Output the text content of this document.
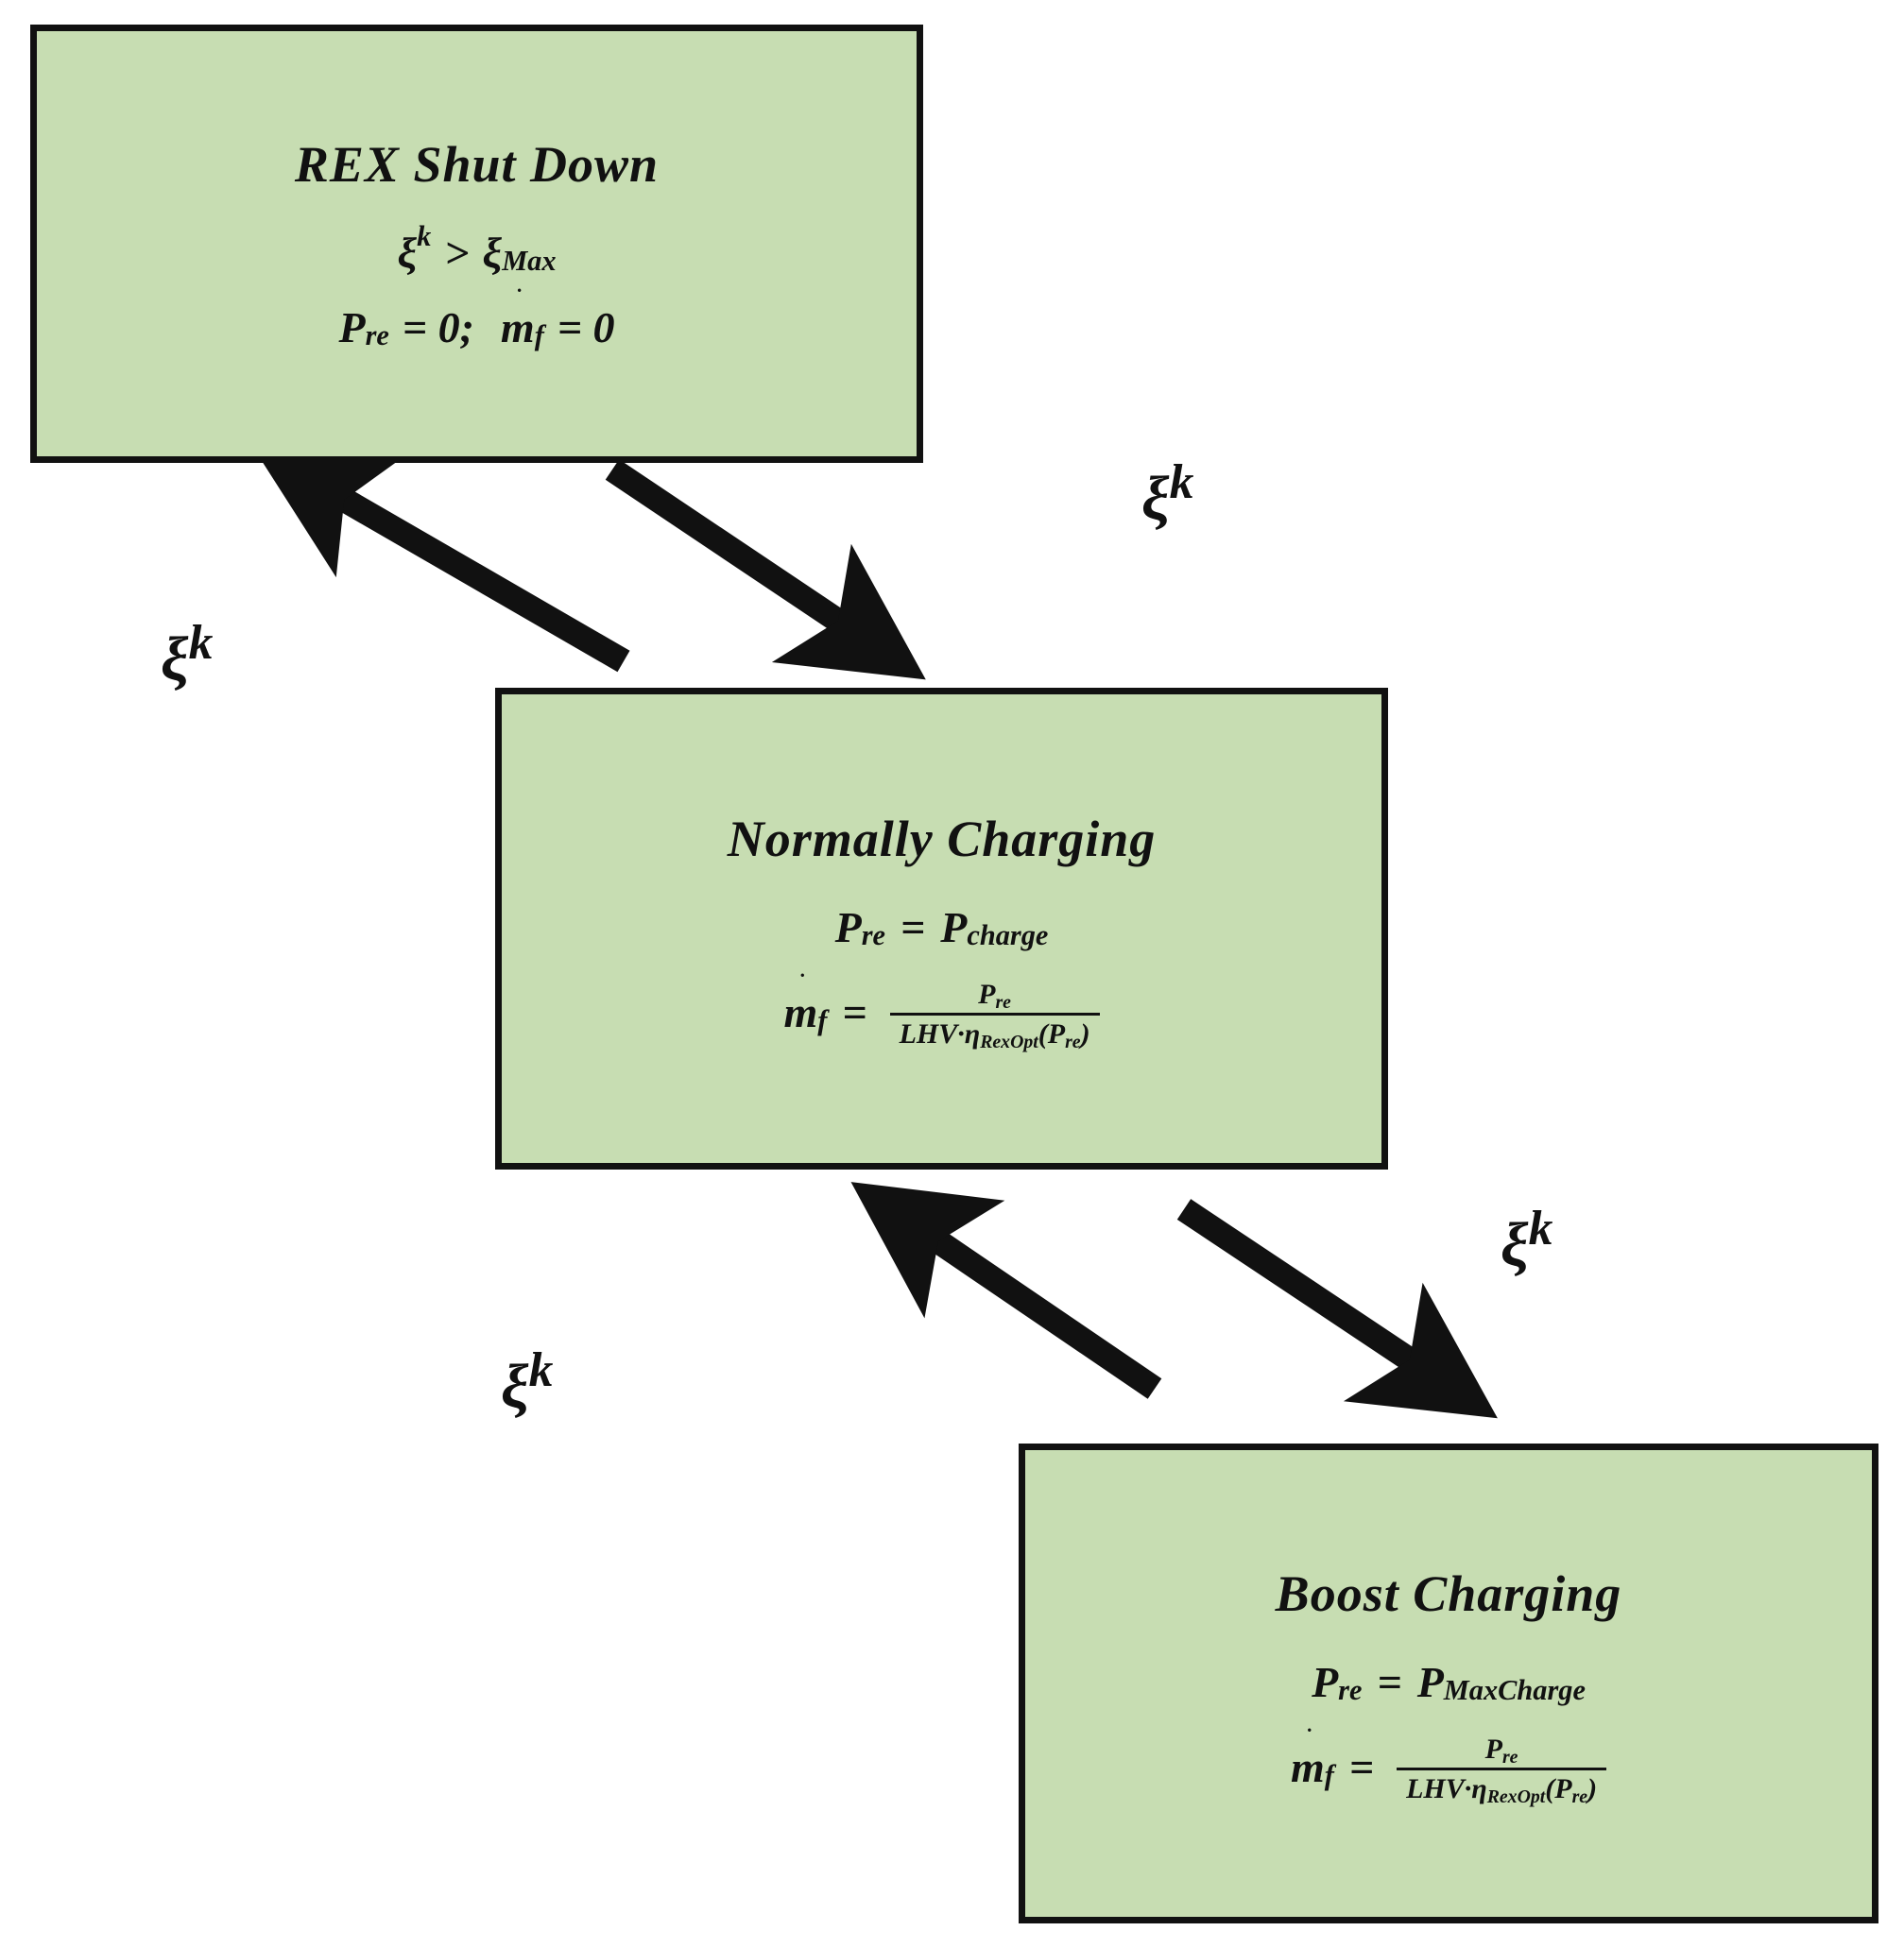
REX Shut Down
ξ k > ξ Max
P re = 0; m f = 0
Normally Charging
P re = P charge
m $f = \frac{\text{Pre}}{\text{LHV·ηRexOpt(Pre)}}$
Boost Charging
P re = P MaxCharge
m $f = \frac{\text{Pre}}{\text{LHV·ηRexOpt(Pre)}}$
$\xi^k$
$\xi^k$
$\xi^k$
$\xi^k$
